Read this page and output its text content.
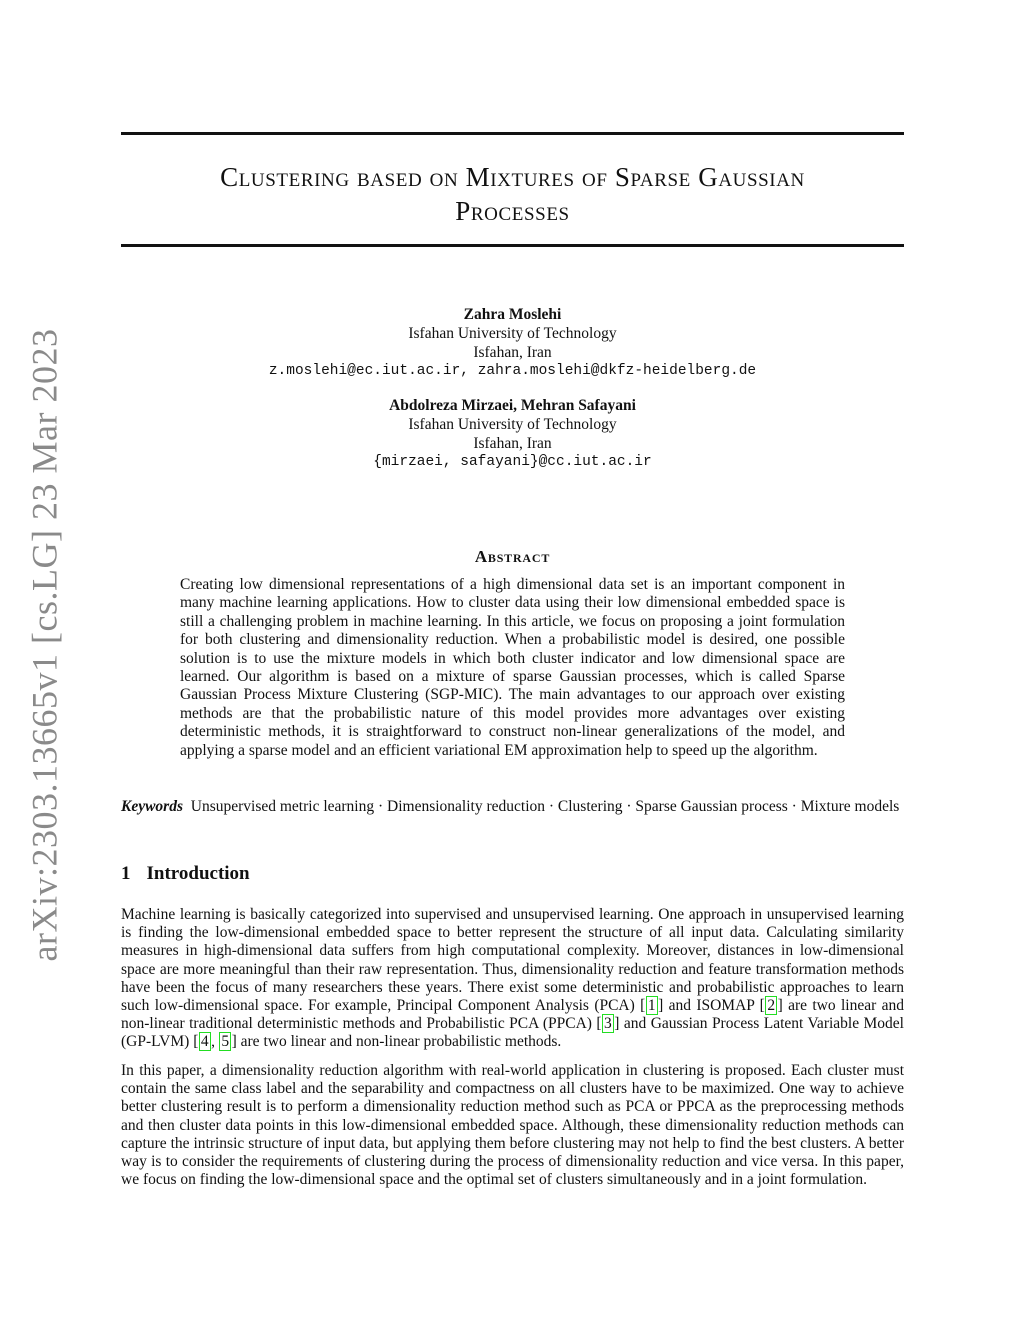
arXiv:2303.13665v1 [cs.LG] 23 Mar 2023
Clustering based on Mixtures of Sparse Gaussian
Processes
Zahra Moslehi
Isfahan University of Technology
Isfahan, Iran
z.moslehi@ec.iut.ac.ir, zahra.moslehi@dkfz-heidelberg.de
Abdolreza Mirzaei, Mehran Safayani
Isfahan University of Technology
Isfahan, Iran
{mirzaei, safayani}@cc.iut.ac.ir
Abstract
Creating low dimensional representations of a high dimensional data set is an important component in many machine learning applications. How to cluster data using their low dimensional embedded space is still a challenging problem in machine learning. In this article, we focus on proposing a joint formulation for both clustering and dimensionality reduction. When a probabilistic model is desired, one possible solution is to use the mixture models in which both cluster indicator and low dimensional space are learned. Our algorithm is based on a mixture of sparse Gaussian processes, which is called Sparse Gaussian Process Mixture Clustering (SGP-MIC). The main advantages to our approach over existing methods are that the probabilistic nature of this model provides more advantages over existing deterministic methods, it is straightforward to construct non-linear generalizations of the model, and applying a sparse model and an efficient variational EM approximation help to speed up the algorithm.
Keywords Unsupervised metric learning · Dimensionality reduction · Clustering · Sparse Gaussian process · Mixture models
1 Introduction
Machine learning is basically categorized into supervised and unsupervised learning. One approach in unsupervised learning is finding the low-dimensional embedded space to better represent the structure of all input data. Calculating similarity measures in high-dimensional data suffers from high computational complexity. Moreover, distances in low-dimensional space are more meaningful than their raw representation. Thus, dimensionality reduction and feature transformation methods have been the focus of many researchers these years. There exist some deterministic and probabilistic approaches to learn such low-dimensional space. For example, Principal Component Analysis (PCA) [ 1 ] and ISOMAP [ 2 ] are two linear and non-linear traditional deterministic methods and Probabilistic PCA (PPCA) [ 3 ] and Gaussian Process Latent Variable Model (GP-LVM) [ 4 , 5 ] are two linear and non-linear probabilistic methods.
In this paper, a dimensionality reduction algorithm with real-world application in clustering is proposed. Each cluster must contain the same class label and the separability and compactness on all clusters have to be maximized. One way to achieve better clustering result is to perform a dimensionality reduction method such as PCA or PPCA as the preprocessing methods and then cluster data points in this low-dimensional embedded space. Although, these dimensionality reduction methods can capture the intrinsic structure of input data, but applying them before clustering may not help to find the best clusters. A better way is to consider the requirements of clustering during the process of dimensionality reduction and vice versa. In this paper, we focus on finding the low-dimensional space and the optimal set of clusters simultaneously and in a joint formulation.
